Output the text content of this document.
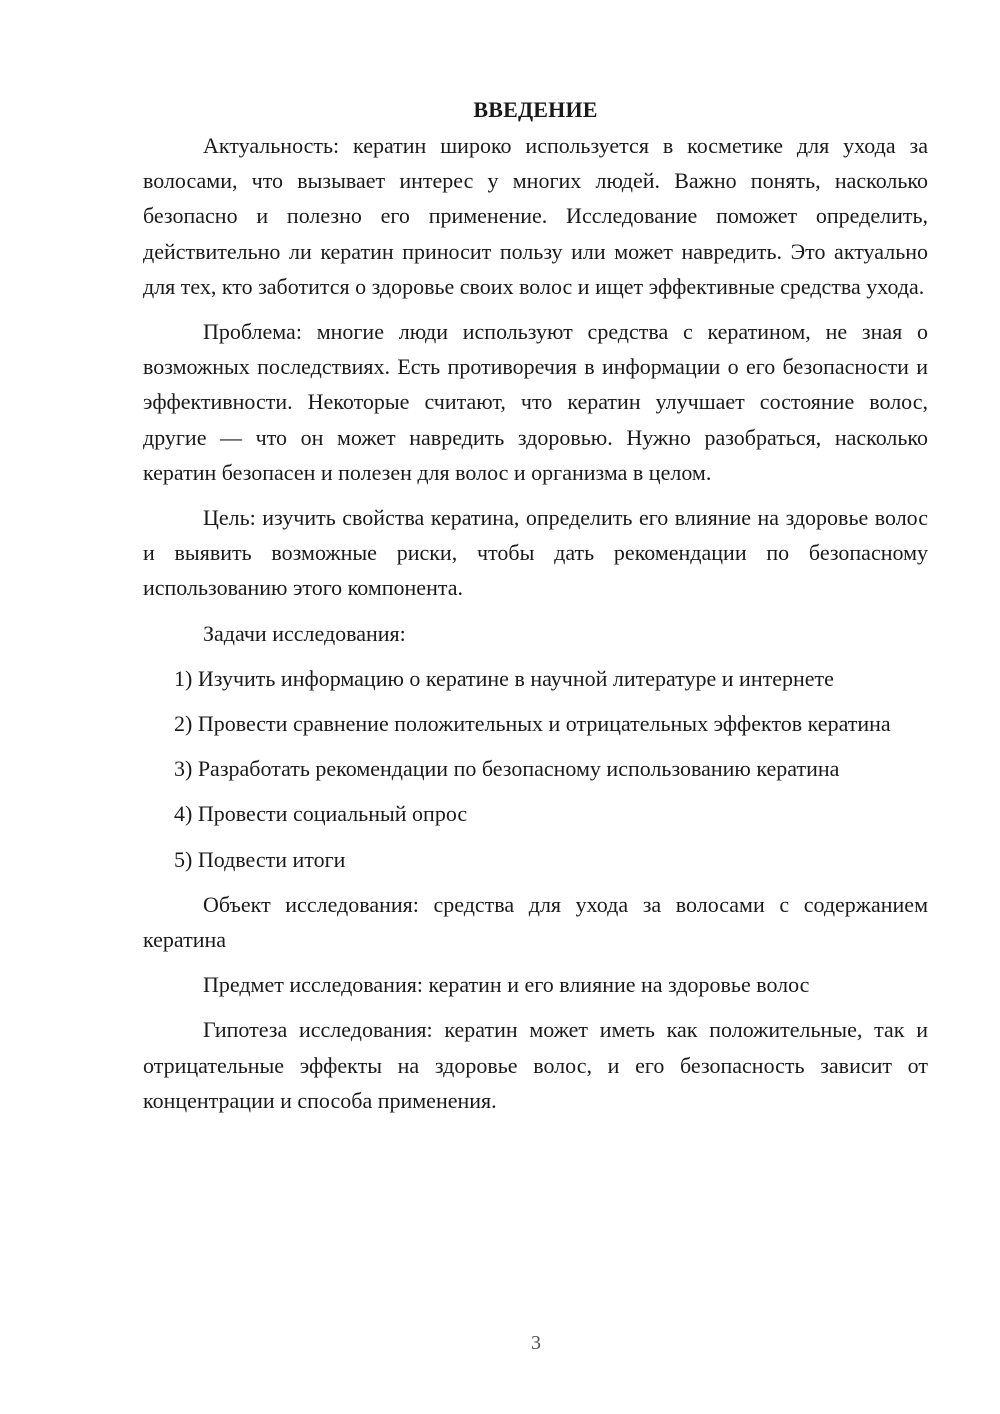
ВВЕДЕНИЕ

Актуальность: кератин широко используется в косметике для ухода за волосами, что вызывает интерес у многих людей. Важно понять, насколько безопасно и полезно его применение. Исследование поможет определить, действительно ли кератин приносит пользу или может навредить. Это актуально для тех, кто заботится о здоровье своих волос и ищет эффективные средства ухода.

Проблема: многие люди используют средства с кератином, не зная о возможных последствиях. Есть противоречия в информации о его безопасности и эффективности. Некоторые считают, что кератин улучшает состояние волос, другие — что он может навредить здоровью. Нужно разобраться, насколько кератин безопасен и полезен для волос и организма в целом.

Цель: изучить свойства кератина, определить его влияние на здоровье волос и выявить возможные риски, чтобы дать рекомендации по безопасному использованию этого компонента.

Задачи исследования:

1) Изучить информацию о кератине в научной литературе и интернете

2) Провести сравнение положительных и отрицательных эффектов кератина

3) Разработать рекомендации по безопасному использованию кератина

4) Провести социальный опрос

5) Подвести итоги

Объект исследования: средства для ухода за волосами с содержанием кератина

Предмет исследования: кератин и его влияние на здоровье волос

Гипотеза исследования: кератин может иметь как положительные, так и отрицательные эффекты на здоровье волос, и его безопасность зависит от концентрации и способа применения.

3
